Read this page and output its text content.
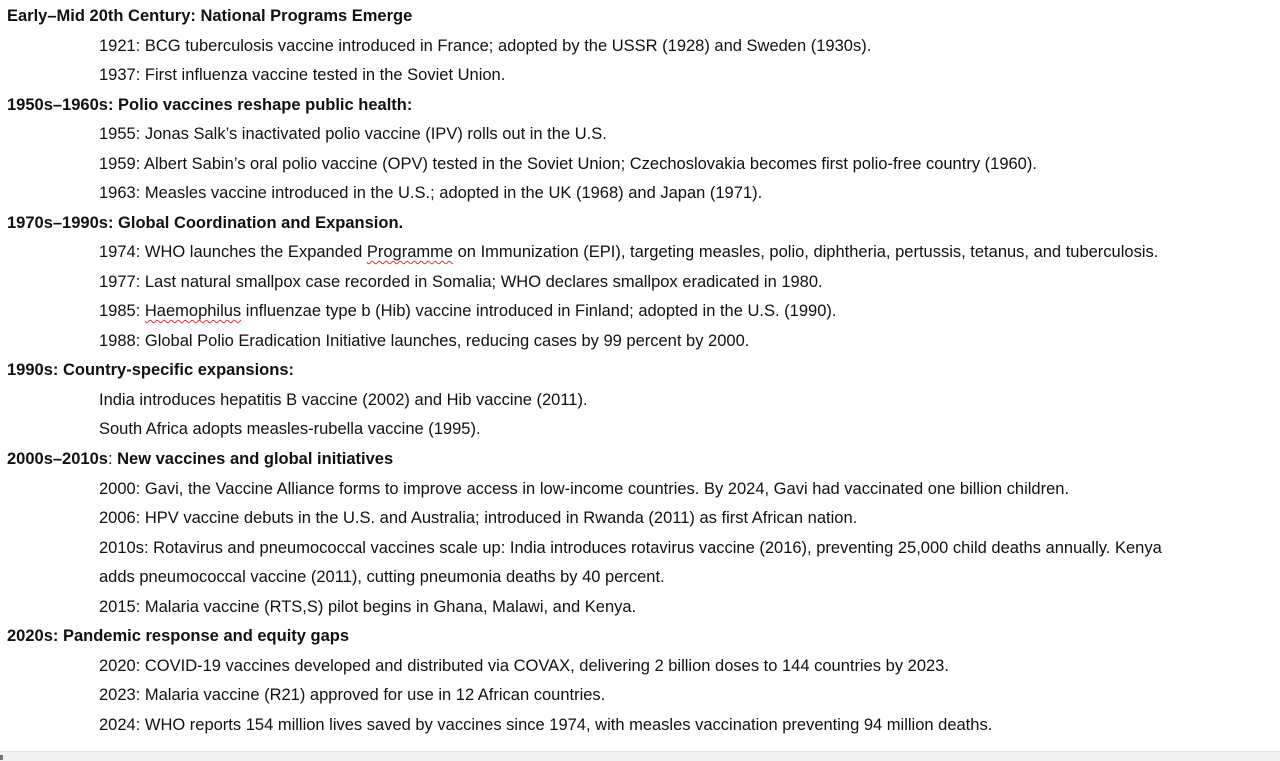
Early–Mid 20th Century: National Programs Emerge
1921: BCG tuberculosis vaccine introduced in France; adopted by the USSR (1928) and Sweden (1930s).
1937: First influenza vaccine tested in the Soviet Union.
1950s–1960s: Polio vaccines reshape public health:
1955: Jonas Salk’s inactivated polio vaccine (IPV) rolls out in the U.S.
1959: Albert Sabin’s oral polio vaccine (OPV) tested in the Soviet Union; Czechoslovakia becomes first polio-free country (1960).
1963: Measles vaccine introduced in the U.S.; adopted in the UK (1968) and Japan (1971).
1970s–1990s: Global Coordination and Expansion.
1974: WHO launches the Expanded Programme on Immunization (EPI), targeting measles, polio, diphtheria, pertussis, tetanus, and tuberculosis.
1977: Last natural smallpox case recorded in Somalia; WHO declares smallpox eradicated in 1980.
1985: Haemophilus influenzae type b (Hib) vaccine introduced in Finland; adopted in the U.S. (1990).
1988: Global Polio Eradication Initiative launches, reducing cases by 99 percent by 2000.
1990s: Country-specific expansions:
India introduces hepatitis B vaccine (2002) and Hib vaccine (2011).
South Africa adopts measles-rubella vaccine (1995).
2000s–2010s: New vaccines and global initiatives
2000: Gavi, the Vaccine Alliance forms to improve access in low-income countries. By 2024, Gavi had vaccinated one billion children.
2006: HPV vaccine debuts in the U.S. and Australia; introduced in Rwanda (2011) as first African nation.
2010s: Rotavirus and pneumococcal vaccines scale up: India introduces rotavirus vaccine (2016), preventing 25,000 child deaths annually. Kenya
adds pneumococcal vaccine (2011), cutting pneumonia deaths by 40 percent.
2015: Malaria vaccine (RTS,S) pilot begins in Ghana, Malawi, and Kenya.
2020s: Pandemic response and equity gaps
2020: COVID-19 vaccines developed and distributed via COVAX, delivering 2 billion doses to 144 countries by 2023.
2023: Malaria vaccine (R21) approved for use in 12 African countries.
2024: WHO reports 154 million lives saved by vaccines since 1974, with measles vaccination preventing 94 million deaths.
